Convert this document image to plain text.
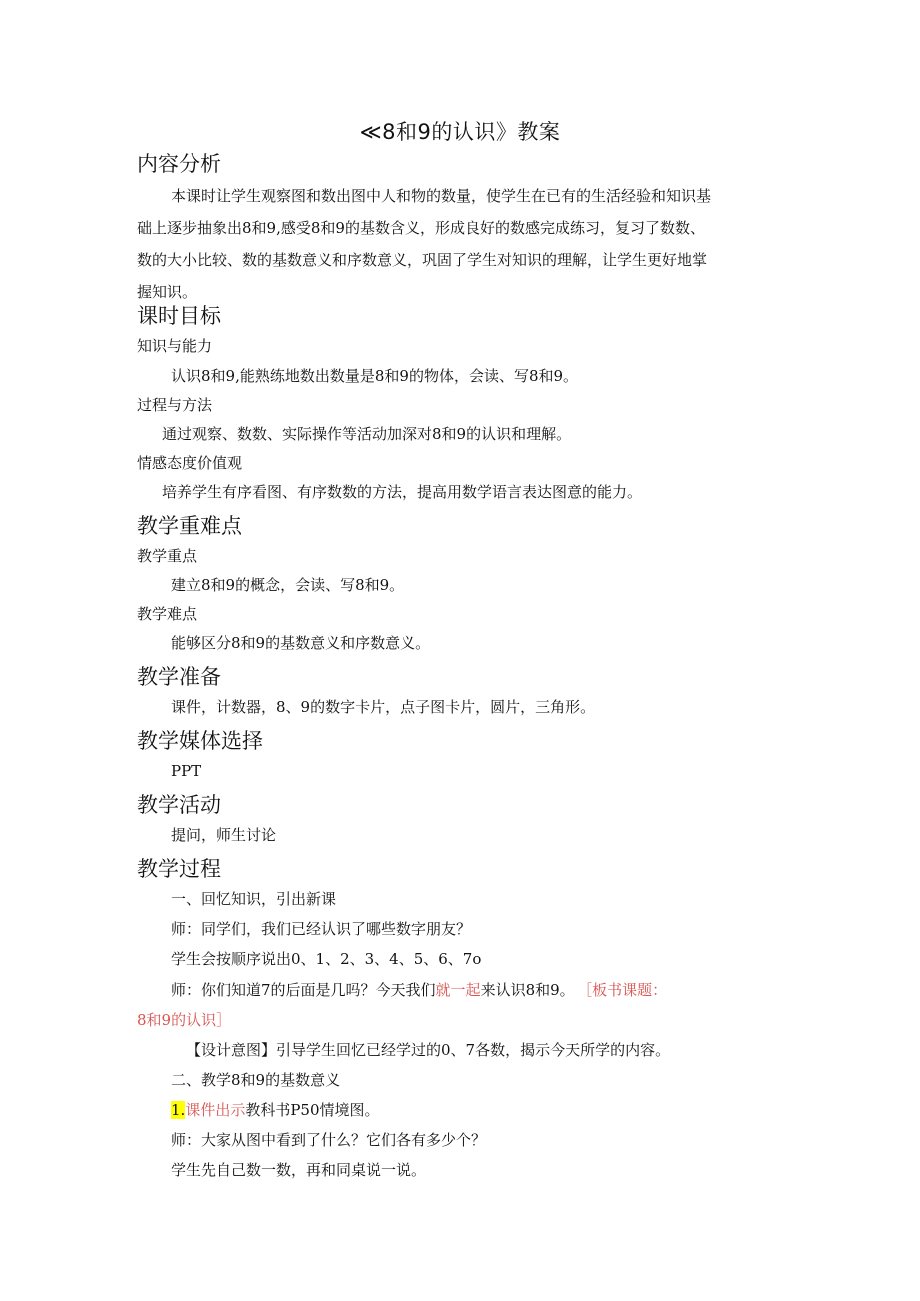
≪8和9的认识》教案
内容分析
本课时让学生观察图和数出图中人和物的数量，使学生在已有的生活经验和知识基
础上逐步抽象出8和9,感受8和9的基数含义，形成良好的数感完成练习，复习了数数、
数的大小比较、数的基数意义和序数意义，巩固了学生对知识的理解，让学生更好地掌
握知识。
课时目标
知识与能力
认识8和9,能熟练地数出数量是8和9的物体，会读、写8和9。
过程与方法
通过观察、数数、实际操作等活动加深对8和9的认识和理解。
情感态度价值观
培养学生有序看图、有序数数的方法，提高用数学语言表达图意的能力。
教学重难点
教学重点
建立8和9的概念，会读、写8和9。
教学难点
能够区分8和9的基数意义和序数意义。
教学准备
课件，计数器，8、9的数字卡片，点子图卡片，圆片，三角形。
教学媒体选择
PPT
教学活动
提问，师生讨论
教学过程
一、回忆知识，引出新课
师：同学们，我们已经认识了哪些数字朋友？
学生会按顺序说出0、1、2、3、4、5、6、7o
师：你们知道7的后面是几吗？今天我们就一起来认识8和9。 ［板书课题：
8和9的认识］
【设计意图】引导学生回忆已经学过的0、7各数，揭示今天所学的内容。
二、教学8和9的基数意义
1.课件出示教科书P50情境图。
师：大家从图中看到了什么？它们各有多少个？
学生先自己数一数，再和同桌说一说。
